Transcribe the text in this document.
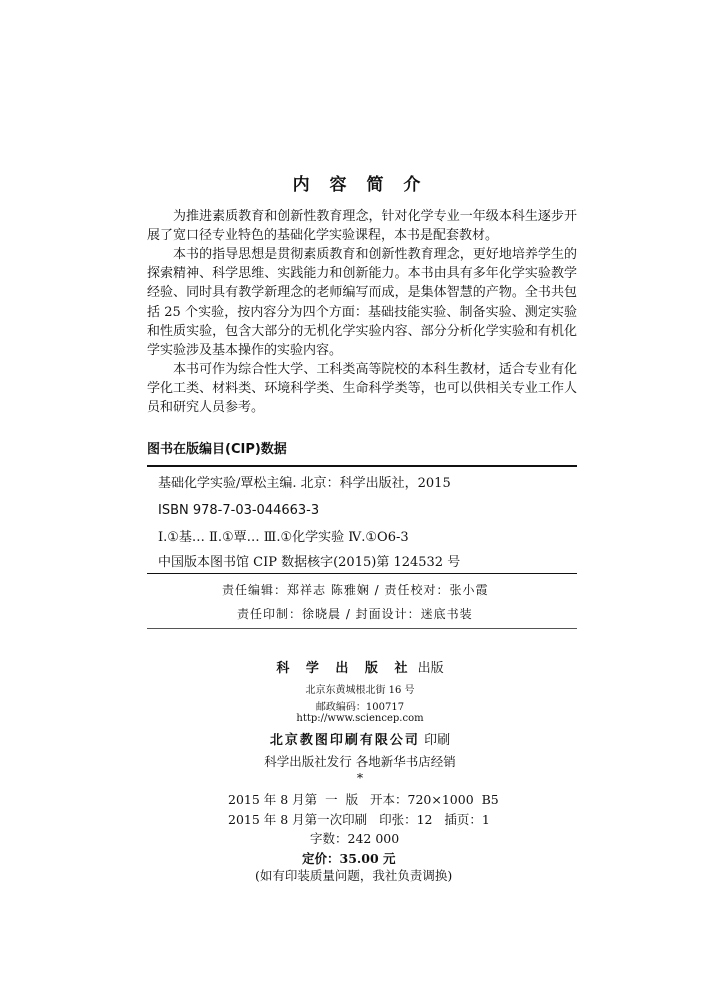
内 容 简 介

为推进素质教育和创新性教育理念，针对化学专业一年级本科生逐步开展了宽口径专业特色的基础化学实验课程，本书是配套教材。

本书的指导思想是贯彻素质教育和创新性教育理念，更好地培养学生的探索精神、科学思维、实践能力和创新能力。本书由具有多年化学实验教学经验、同时具有教学新理念的老师编写而成，是集体智慧的产物。全书共包括 25 个实验，按内容分为四个方面：基础技能实验、制备实验、测定实验和性质实验，包含大部分的无机化学实验内容、部分分析化学实验和有机化学实验涉及基本操作的实验内容。

本书可作为综合性大学、工科类高等院校的本科生教材，适合专业有化学化工类、材料类、环境科学类、生命科学类等，也可以供相关专业工作人员和研究人员参考。

图书在版编目(CIP)数据
基础化学实验/覃松主编. 北京：科学出版社，2015
ISBN 978-7-03-044663-3
Ⅰ.①基… Ⅱ.①覃… Ⅲ.①化学实验 Ⅳ.①O6-3
中国版本图书馆 CIP 数据核字(2015)第 124532 号
责任编辑：郑祥志 陈雅娴 / 责任校对：张小霞
责任印制：徐晓晨 / 封面设计：迷底书装
科 学 出 版 社 出版
北京东黄城根北街 16 号
邮政编码：100717
http://www.sciencep.com
北京教图印刷有限公司 印刷
科学出版社发行 各地新华书店经销
*
2015 年 8 月第  一  版   开本：720×1000  B5
2015 年 8 月第一次印刷   印张：12   插页：1
字数：242 000
定价：35.00 元
(如有印装质量问题，我社负责调换)
